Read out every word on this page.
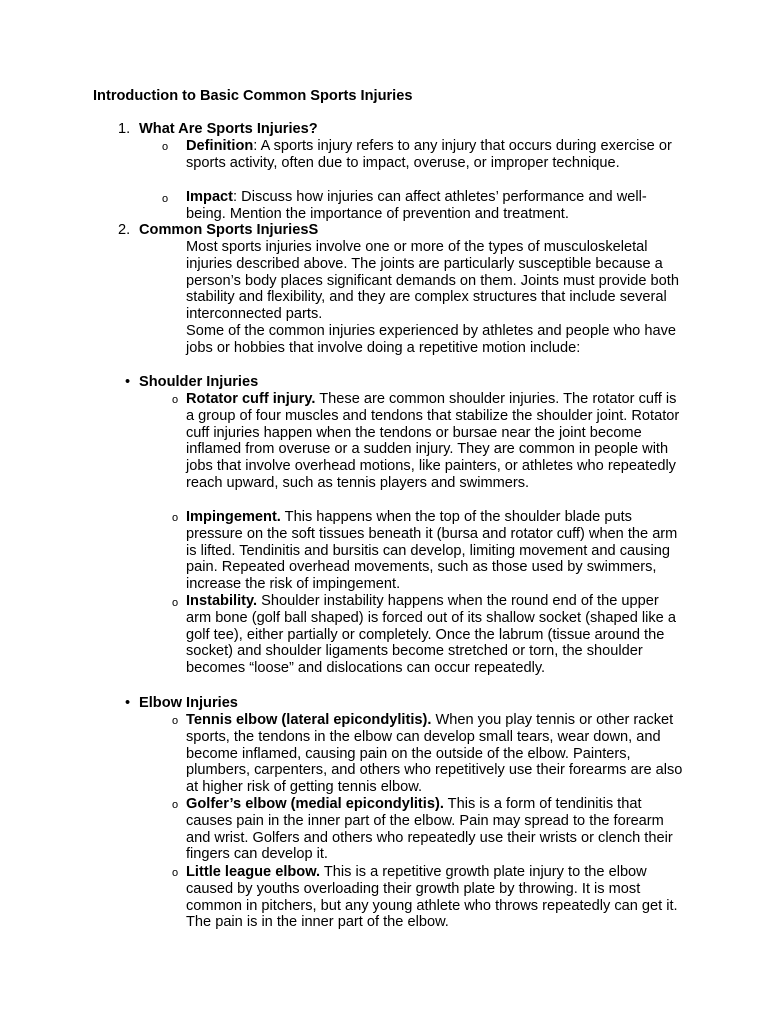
Introduction to Basic Common Sports Injuries

1. What Are Sports Injuries?
o Definition: A sports injury refers to any injury that occurs during exercise or sports activity, often due to impact, overuse, or improper technique.

o Impact: Discuss how injuries can affect athletes’ performance and well-being. Mention the importance of prevention and treatment.

2. Common Sports InjuriesS

Most sports injuries involve one or more of the types of musculoskeletal injuries described above. The joints are particularly susceptible because a person’s body places significant demands on them. Joints must provide both stability and flexibility, and they are complex structures that include several interconnected parts.

Some of the common injuries experienced by athletes and people who have jobs or hobbies that involve doing a repetitive motion include:

• Shoulder Injuries
o Rotator cuff injury. These are common shoulder injuries. The rotator cuff is a group of four muscles and tendons that stabilize the shoulder joint. Rotator cuff injuries happen when the tendons or bursae near the joint become inflamed from overuse or a sudden injury. They are common in people with jobs that involve overhead motions, like painters, or athletes who repeatedly reach upward, such as tennis players and swimmers.

o Impingement. This happens when the top of the shoulder blade puts pressure on the soft tissues beneath it (bursa and rotator cuff) when the arm is lifted. Tendinitis and bursitis can develop, limiting movement and causing pain. Repeated overhead movements, such as those used by swimmers, increase the risk of impingement.

o Instability. Shoulder instability happens when the round end of the upper arm bone (golf ball shaped) is forced out of its shallow socket (shaped like a golf tee), either partially or completely. Once the labrum (tissue around the socket) and shoulder ligaments become stretched or torn, the shoulder becomes “loose” and dislocations can occur repeatedly.

• Elbow Injuries
o Tennis elbow (lateral epicondylitis). When you play tennis or other racket sports, the tendons in the elbow can develop small tears, wear down, and become inflamed, causing pain on the outside of the elbow. Painters, plumbers, carpenters, and others who repetitively use their forearms are also at higher risk of getting tennis elbow.

o Golfer’s elbow (medial epicondylitis). This is a form of tendinitis that causes pain in the inner part of the elbow. Pain may spread to the forearm and wrist. Golfers and others who repeatedly use their wrists or clench their fingers can develop it.

o Little league elbow. This is a repetitive growth plate injury to the elbow caused by youths overloading their growth plate by throwing. It is most common in pitchers, but any young athlete who throws repeatedly can get it. The pain is in the inner part of the elbow.
